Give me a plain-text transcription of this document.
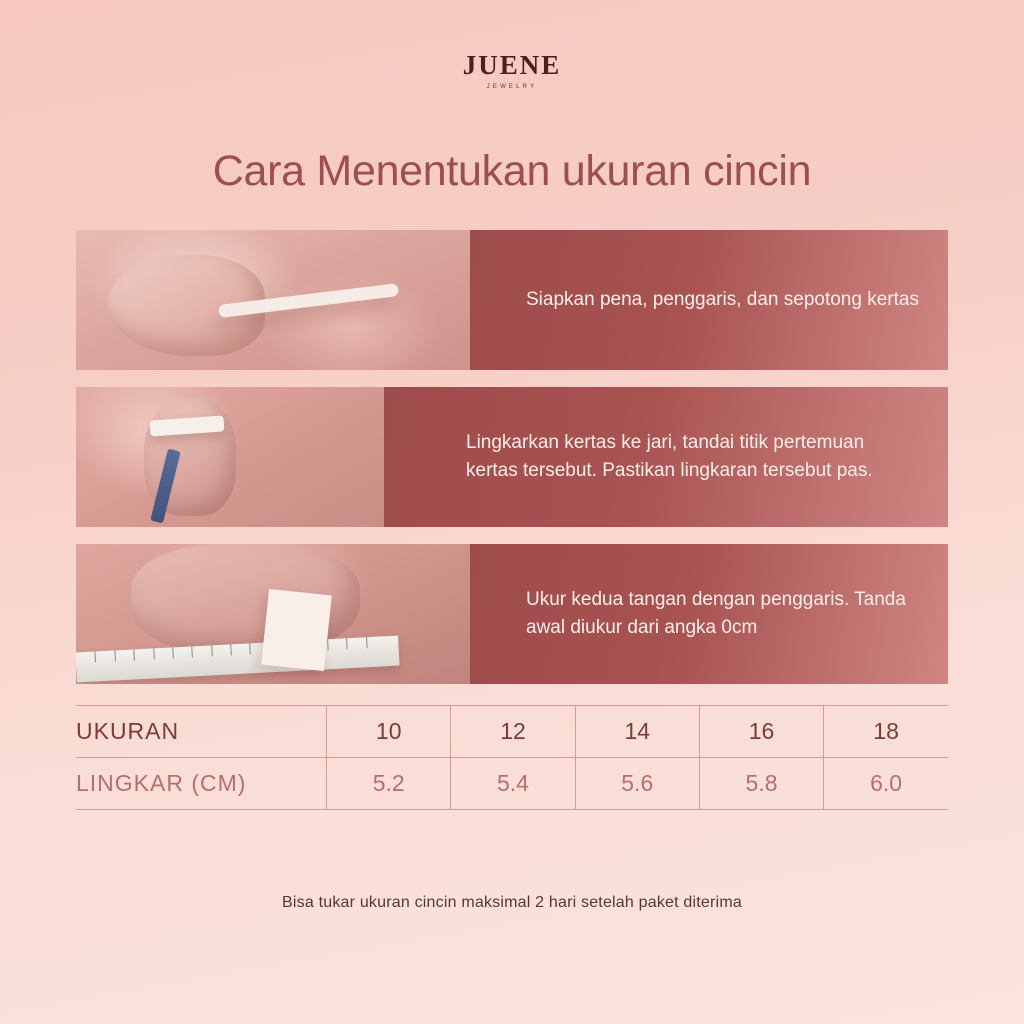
JUENE
JEWELRY
Cara Menentukan ukuran cincin

Siapkan pena, penggaris, dan sepotong kertas

Lingkarkan kertas ke jari, tandai titik pertemuan kertas tersebut. Pastikan lingkaran tersebut pas.

Ukur kedua tangan dengan penggaris. Tanda awal diukur dari angka 0cm

UKURAN	10	12	14	16	18
LINGKAR (CM)	5.2	5.4	5.6	5.8	6.0
Bisa tukar ukuran cincin maksimal 2 hari setelah paket diterima
